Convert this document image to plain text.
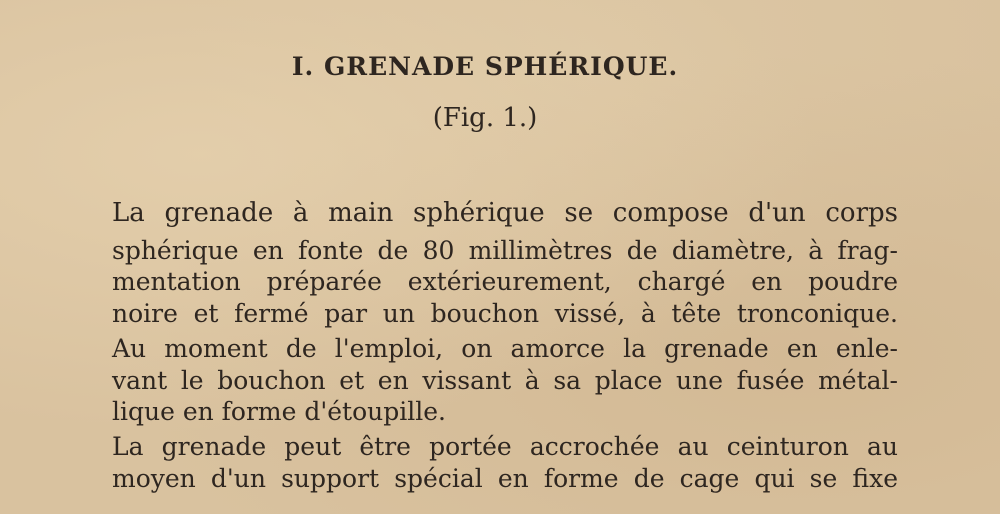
I. GRENADE SPHÉRIQUE.
(Fig. 1.)
La grenade à main sphérique se compose d'un corps
sphérique en fonte de 80 millimètres de diamètre, à frag-
mentation préparée extérieurement, chargé en poudre
noire et fermé par un bouchon vissé, à tête tronconique.
Au moment de l'emploi, on amorce la grenade en enle-
vant le bouchon et en vissant à sa place une fusée métal-
lique en forme d'étoupille.
La grenade peut être portée accrochée au ceinturon au
moyen d'un support spécial en forme de cage qui se fixe
